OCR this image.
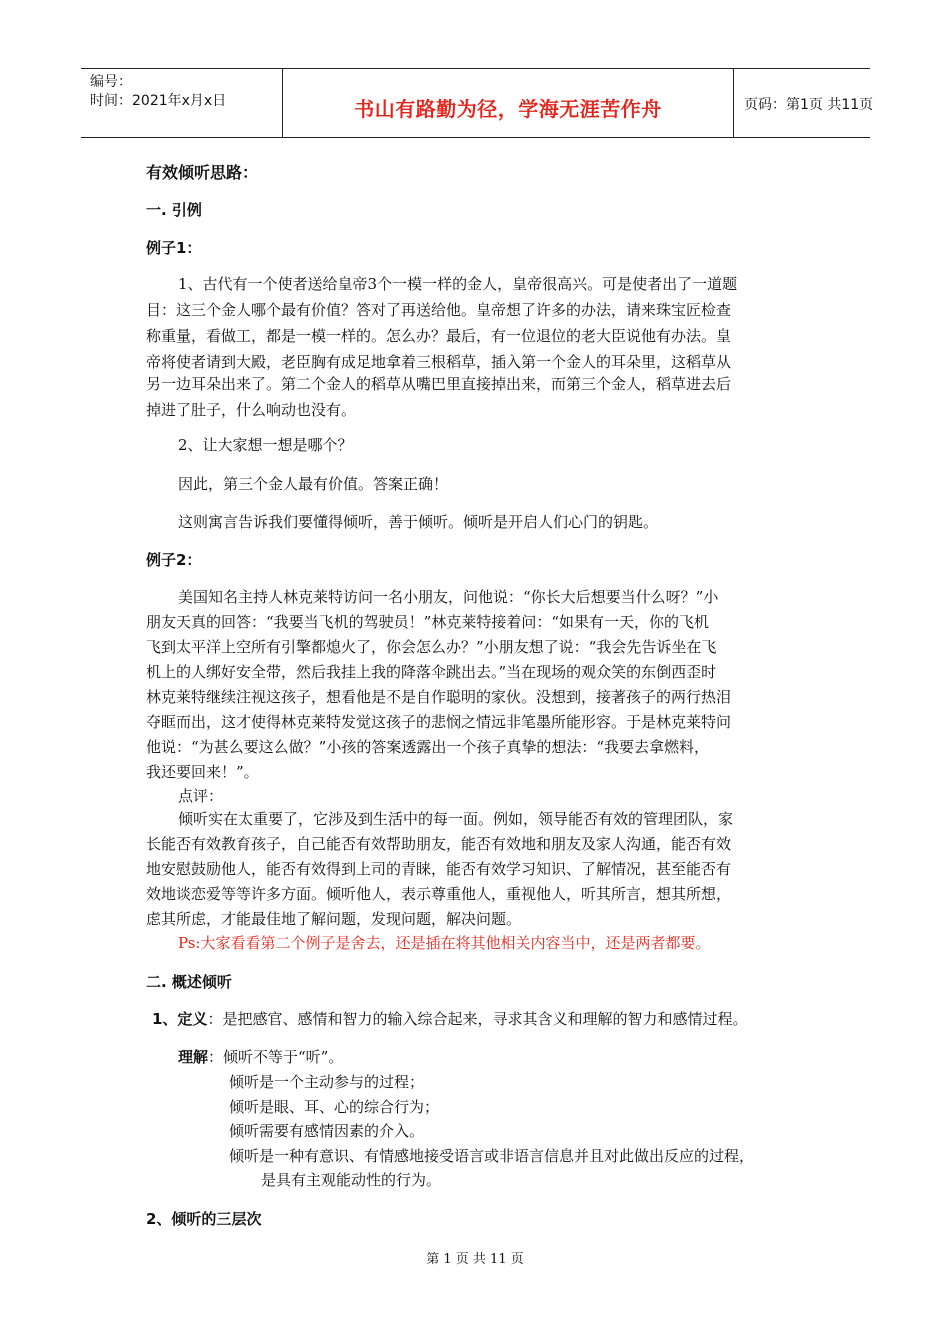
编号：
时间：2021年x月x日	书山有路勤为径，学海无涯苦作舟	页码：第1页 共11页
有效倾听思路：
一. 引例
例子1：
1、古代有一个使者送给皇帝3个一模一样的金人，皇帝很高兴。可是使者出了一道题
目：这三个金人哪个最有价值？答对了再送给他。皇帝想了许多的办法，请来珠宝匠检查
称重量，看做工，都是一模一样的。怎么办？最后，有一位退位的老大臣说他有办法。皇
帝将使者请到大殿，老臣胸有成足地拿着三根稻草，插入第一个金人的耳朵里，这稻草从
另一边耳朵出来了。第二个金人的稻草从嘴巴里直接掉出来，而第三个金人，稻草进去后
掉进了肚子，什么响动也没有。
2、让大家想一想是哪个？
因此，第三个金人最有价值。答案正确！
这则寓言告诉我们要懂得倾听，善于倾听。倾听是开启人们心门的钥匙。
例子2：
美国知名主持人林克莱特访问一名小朋友，问他说：“你长大后想要当什么呀？”小
朋友天真的回答：“我要当飞机的驾驶员！”林克莱特接着问：“如果有一天，你的飞机
飞到太平洋上空所有引擎都熄火了，你会怎么办？”小朋友想了说：“我会先告诉坐在飞
机上的人绑好安全带，然后我挂上我的降落伞跳出去。”当在现场的观众笑的东倒西歪时
林克莱特继续注视这孩子，想看他是不是自作聪明的家伙。没想到，接著孩子的两行热泪
夺眶而出，这才使得林克莱特发觉这孩子的悲悯之情远非笔墨所能形容。于是林克莱特问
他说：“为甚么要这么做？”小孩的答案透露出一个孩子真挚的想法：“我要去拿燃料，
我还要回来！”。
点评：
倾听实在太重要了，它涉及到生活中的每一面。例如，领导能否有效的管理团队，家
长能否有效教育孩子，自己能否有效帮助朋友，能否有效地和朋友及家人沟通，能否有效
地安慰鼓励他人，能否有效得到上司的青睐，能否有效学习知识、了解情况，甚至能否有
效地谈恋爱等等许多方面。倾听他人，表示尊重他人，重视他人，听其所言，想其所想，
虑其所虑，才能最佳地了解问题，发现问题，解决问题。
Ps:大家看看第二个例子是舍去，还是插在将其他相关内容当中，还是两者都要。
二. 概述倾听
1、定义：是把感官、感情和智力的输入综合起来，寻求其含义和理解的智力和感情过程。
理解：倾听不等于“听”。
倾听是一个主动参与的过程；
倾听是眼、耳、心的综合行为；
倾听需要有感情因素的介入。
倾听是一种有意识、有情感地接受语言或非语言信息并且对此做出反应的过程，
是具有主观能动性的行为。
2、倾听的三层次
第 1 页 共 11 页
